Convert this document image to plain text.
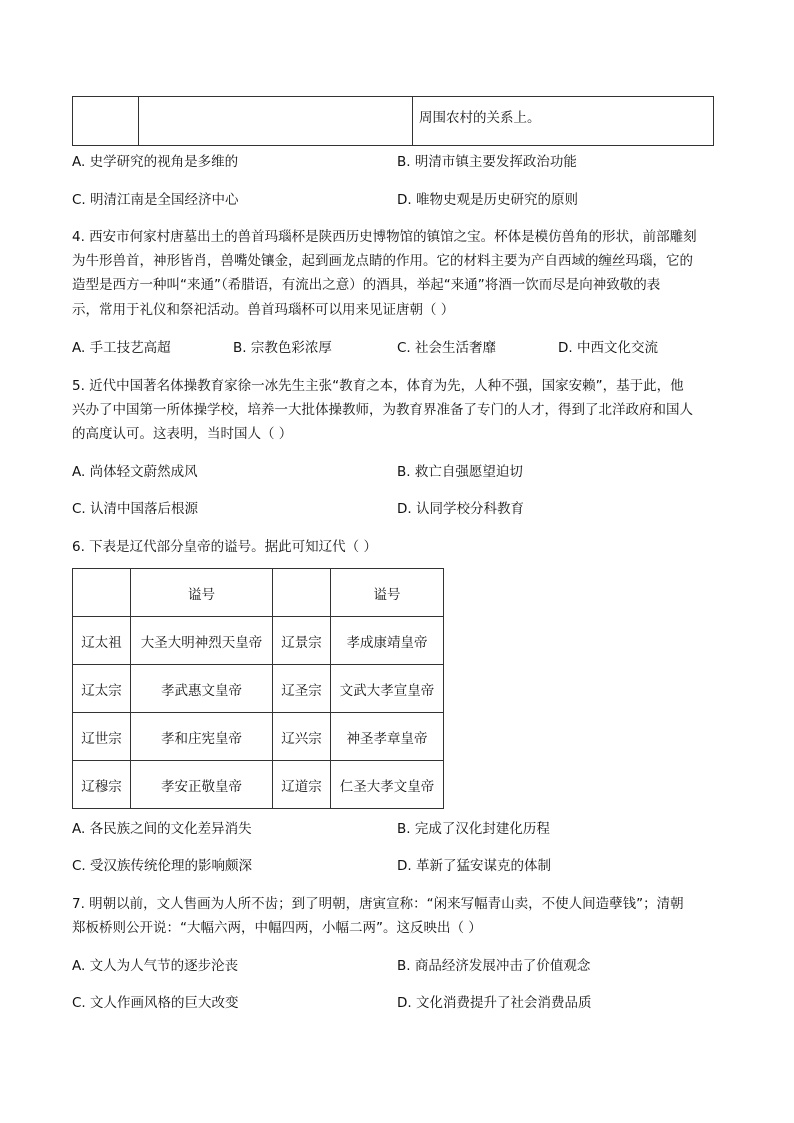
周围农村的关系上。
A. 史学研究的视角是多维的	B. 明清市镇主要发挥政治功能
C. 明清江南是全国经济中心	D. 唯物史观是历史研究的原则
4. 西安市何家村唐墓出土的兽首玛瑙杯是陕西历史博物馆的镇馆之宝。杯体是模仿兽角的形状，前部雕刻
为牛形兽首，神形皆肖，兽嘴处镶金，起到画龙点睛的作用。它的材料主要为产自西域的缠丝玛瑙，它的
造型是西方一种叫“来通”（希腊语，有流出之意）的酒具，举起“来通”将酒一饮而尽是向神致敬的表
示，常用于礼仪和祭祀活动。兽首玛瑙杯可以用来见证唐朝（ ）
A. 手工技艺高超	B. 宗教色彩浓厚	C. 社会生活奢靡	D. 中西文化交流
5. 近代中国著名体操教育家徐一冰先生主张“教育之本，体育为先，人种不强，国家安赖”，基于此，他
兴办了中国第一所体操学校，培养一大批体操教师，为教育界准备了专门的人才，得到了北洋政府和国人
的高度认可。这表明，当时国人（ ）
A. 尚体轻文蔚然成风	B. 救亡自强愿望迫切
C. 认清中国落后根源	D. 认同学校分科教育
6. 下表是辽代部分皇帝的谥号。据此可知辽代（ ）
	谥号		谥号
辽太祖	大圣大明神烈天皇帝	辽景宗	孝成康靖皇帝
辽太宗	孝武惠文皇帝	辽圣宗	文武大孝宣皇帝
辽世宗	孝和庄宪皇帝	辽兴宗	神圣孝章皇帝
辽穆宗	孝安正敬皇帝	辽道宗	仁圣大孝文皇帝
A. 各民族之间的文化差异消失	B. 完成了汉化封建化历程
C. 受汉族传统伦理的影响颇深	D. 革新了猛安谋克的体制
7. 明朝以前，文人售画为人所不齿；到了明朝，唐寅宣称：“闲来写幅青山卖，不使人间造孽钱”；清朝
郑板桥则公开说：“大幅六两，中幅四两，小幅二两”。这反映出（ ）
A. 文人为人气节的逐步沦丧	B. 商品经济发展冲击了价值观念
C. 文人作画风格的巨大改变	D. 文化消费提升了社会消费品质
